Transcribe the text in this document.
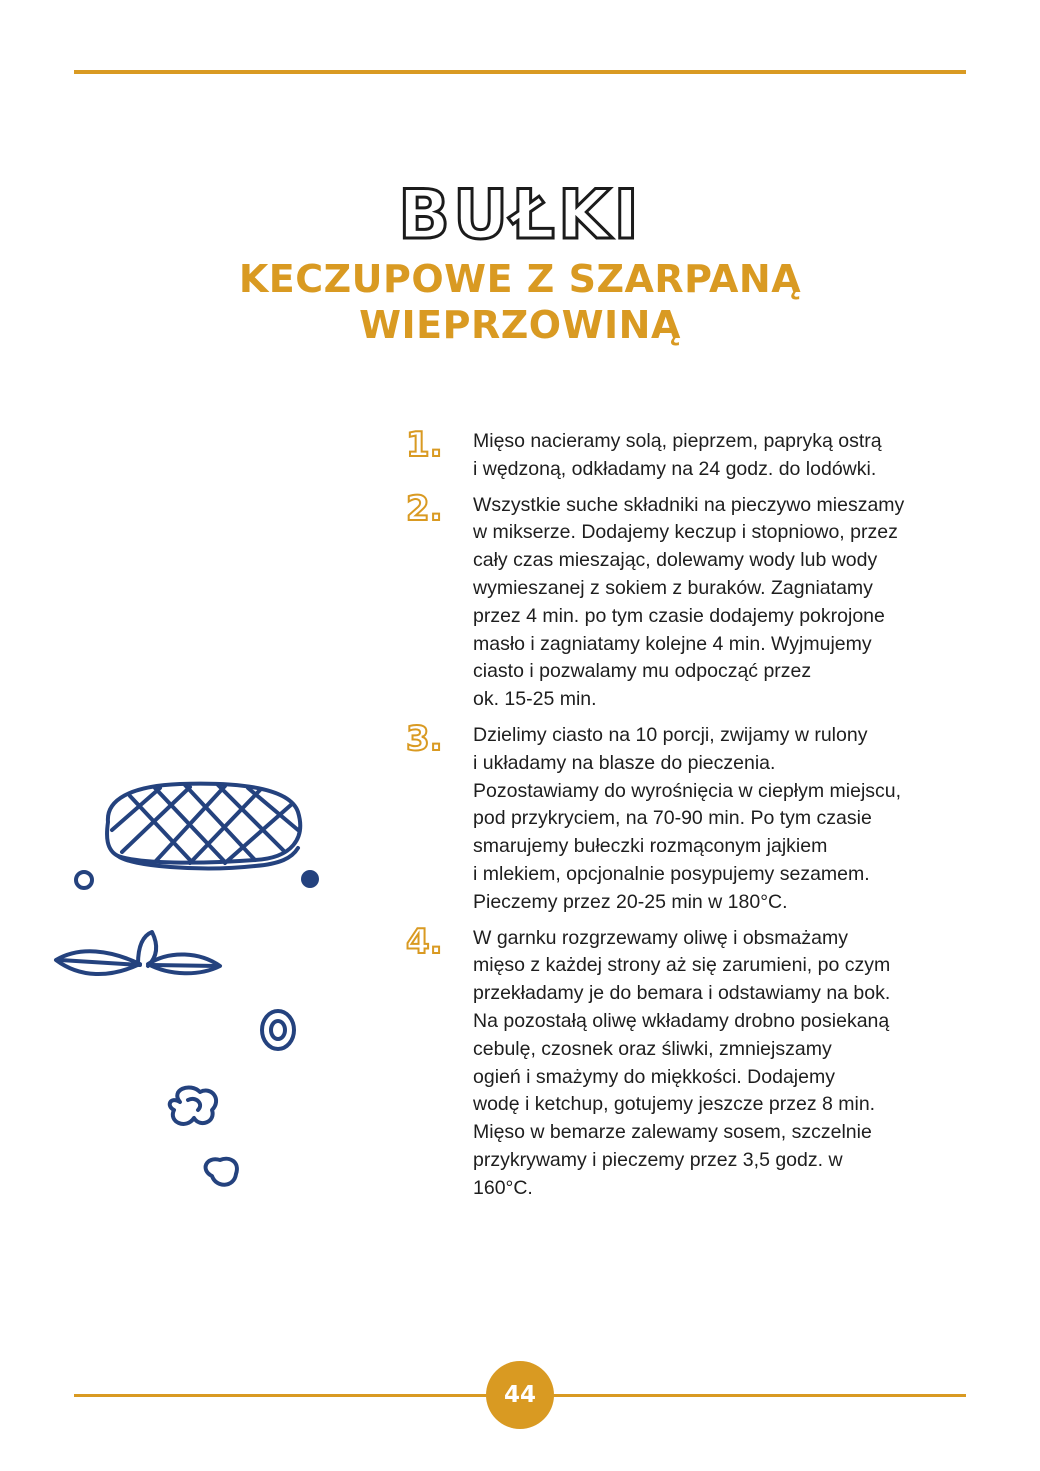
BUŁKI
KECZUPOWE Z SZARPANĄ
WIEPRZOWINĄ
1. Mięso nacieramy solą, pieprzem, papryką ostrą
i wędzoną, odkładamy na 24 godz. do lodówki.
2. Wszystkie suche składniki na pieczywo mieszamy
w mikserze. Dodajemy keczup i stopniowo, przez
cały czas mieszając, dolewamy wody lub wody
wymieszanej z sokiem z buraków. Zagniatamy
przez 4 min. po tym czasie dodajemy pokrojone
masło i zagniatamy kolejne 4 min. Wyjmujemy
ciasto i pozwalamy mu odpocząć przez
ok. 15-25 min.
3. Dzielimy ciasto na 10 porcji, zwijamy w rulony
i układamy na blasze do pieczenia.
Pozostawiamy do wyrośnięcia w ciepłym miejscu,
pod przykryciem, na 70-90 min. Po tym czasie
smarujemy bułeczki rozmąconym jajkiem
i mlekiem, opcjonalnie posypujemy sezamem.
Pieczemy przez 20-25 min w 180°C.
4. W garnku rozgrzewamy oliwę i obsmażamy
mięso z każdej strony aż się zarumieni, po czym
przekładamy je do bemara i odstawiamy na bok.
Na pozostałą oliwę wkładamy drobno posiekaną
cebulę, czosnek oraz śliwki, zmniejszamy
ogień i smażymy do miękkości. Dodajemy
wodę i ketchup, gotujemy jeszcze przez 8 min.
Mięso w bemarze zalewamy sosem, szczelnie
przykrywamy i pieczemy przez 3,5 godz. w
160°C.
44
